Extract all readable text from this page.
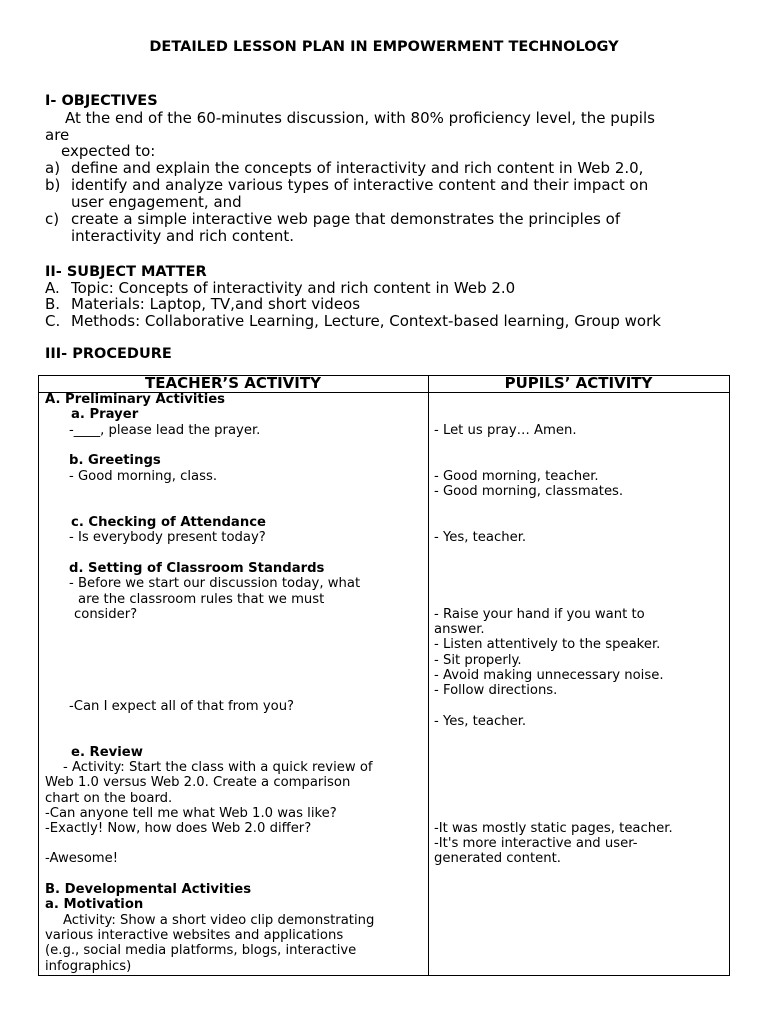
DETAILED LESSON PLAN IN EMPOWERMENT TECHNOLOGY
I- OBJECTIVES
At the end of the 60-minutes discussion, with 80% proficiency level, the pupils
are
expected to:
a) define and explain the concepts of interactivity and rich content in Web 2.0,
b) identify and analyze various types of interactive content and their impact on
user engagement, and
c) create a simple interactive web page that demonstrates the principles of
interactivity and rich content.
II- SUBJECT MATTER
A. Topic: Concepts of interactivity and rich content in Web 2.0
B. Materials: Laptop, TV,and short videos
C. Methods: Collaborative Learning, Lecture, Context-based learning, Group work
III- PROCEDURE
TEACHER’S ACTIVITY	PUPILS’ ACTIVITY
A. Preliminary Activities
a. Prayer
-____, please lead the prayer.
b. Greetings
- Good morning, class.
c. Checking of Attendance
- Is everybody present today?
d. Setting of Classroom Standards
- Before we start our discussion today, what
are the classroom rules that we must
consider?
-Can I expect all of that from you?
e. Review
- Activity: Start the class with a quick review of
Web 1.0 versus Web 2.0. Create a comparison
chart on the board.
-Can anyone tell me what Web 1.0 was like?
-Exactly! Now, how does Web 2.0 differ?
-Awesome!
B. Developmental Activities
a. Motivation
Activity: Show a short video clip demonstrating
various interactive websites and applications
(e.g., social media platforms, blogs, interactive
infographics)
- Let us pray… Amen.
- Good morning, teacher.
- Good morning, classmates.
- Yes, teacher.
- Raise your hand if you want to
answer.
- Listen attentively to the speaker.
- Sit properly.
- Avoid making unnecessary noise.
- Follow directions.
- Yes, teacher.
-It was mostly static pages, teacher.
-It's more interactive and user-
generated content.
